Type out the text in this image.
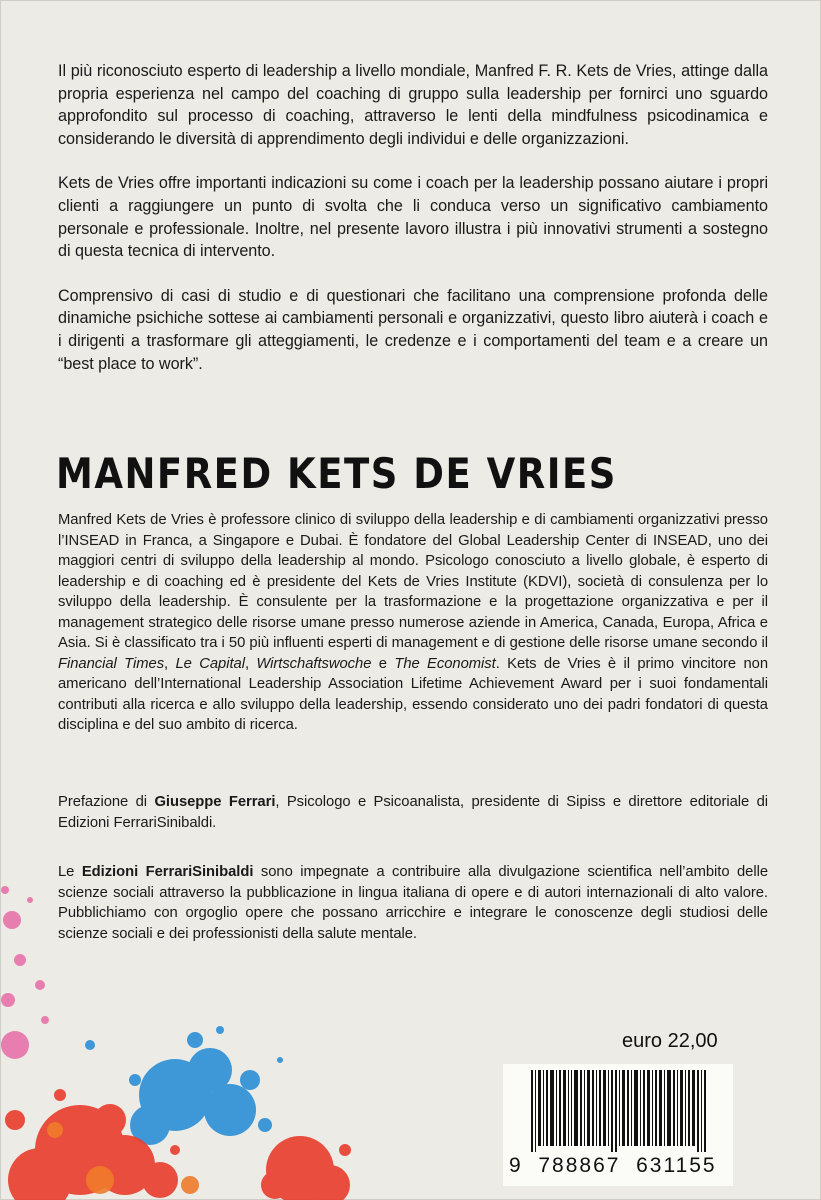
Il più riconosciuto esperto di leadership a livello mondiale, Manfred F. R. Kets de Vries, attinge dalla propria esperienza nel campo del coaching di gruppo sulla leadership per fornirci uno sguardo approfondito sul processo di coaching, attraverso le lenti della mindfulness psicodinamica e considerando le diversità di apprendimento degli individui e delle organizzazioni.

Kets de Vries offre importanti indicazioni su come i coach per la leadership possano aiutare i propri clienti a raggiungere un punto di svolta che li conduca verso un significativo cambiamento personale e professionale. Inoltre, nel presente lavoro illustra i più innovativi strumenti a sostegno di questa tecnica di intervento.

Comprensivo di casi di studio e di questionari che facilitano una comprensione profonda delle dinamiche psichiche sottese ai cambiamenti personali e organizzativi, questo libro aiuterà i coach e i dirigenti a trasformare gli atteggiamenti, le credenze e i comportamenti del team e a creare un “best place to work”.

MANFRED KETS DE VRIES

Manfred Kets de Vries è professore clinico di sviluppo della leadership e di cambiamenti organizzativi presso l’INSEAD in Franca, a Singapore e Dubai. È fondatore del Global Leadership Center di INSEAD, uno dei maggiori centri di sviluppo della leadership al mondo. Psicologo conosciuto a livello globale, è esperto di leadership e di coaching ed è presidente del Kets de Vries Institute (KDVI), società di consulenza per lo sviluppo della leadership. È consulente per la trasformazione e la progettazione organizzativa e per il management strategico delle risorse umane presso numerose aziende in America, Canada, Europa, Africa e Asia. Si è classificato tra i 50 più influenti esperti di management e di gestione delle risorse umane secondo il Financial Times, Le Capital, Wirtschaftswoche e The Economist. Kets de Vries è il primo vincitore non americano dell’International Leadership Association Lifetime Achievement Award per i suoi fondamentali contributi alla ricerca e allo sviluppo della leadership, essendo considerato uno dei padri fondatori di questa disciplina e del suo ambito di ricerca.

Prefazione di Giuseppe Ferrari, Psicologo e Psicoanalista, presidente di Sipiss e direttore editoriale di Edizioni FerrariSinibaldi.

Le Edizioni FerrariSinibaldi sono impegnate a contribuire alla divulgazione scientifica nell’ambito delle scienze sociali attraverso la pubblicazione in lingua italiana di opere e di autori internazionali di alto valore. Pubblichiamo con orgoglio opere che possano arricchire e integrare le conoscenze degli studiosi delle scienze sociali e dei professionisti della salute mentale.

euro 22,00
9  788867  631155
